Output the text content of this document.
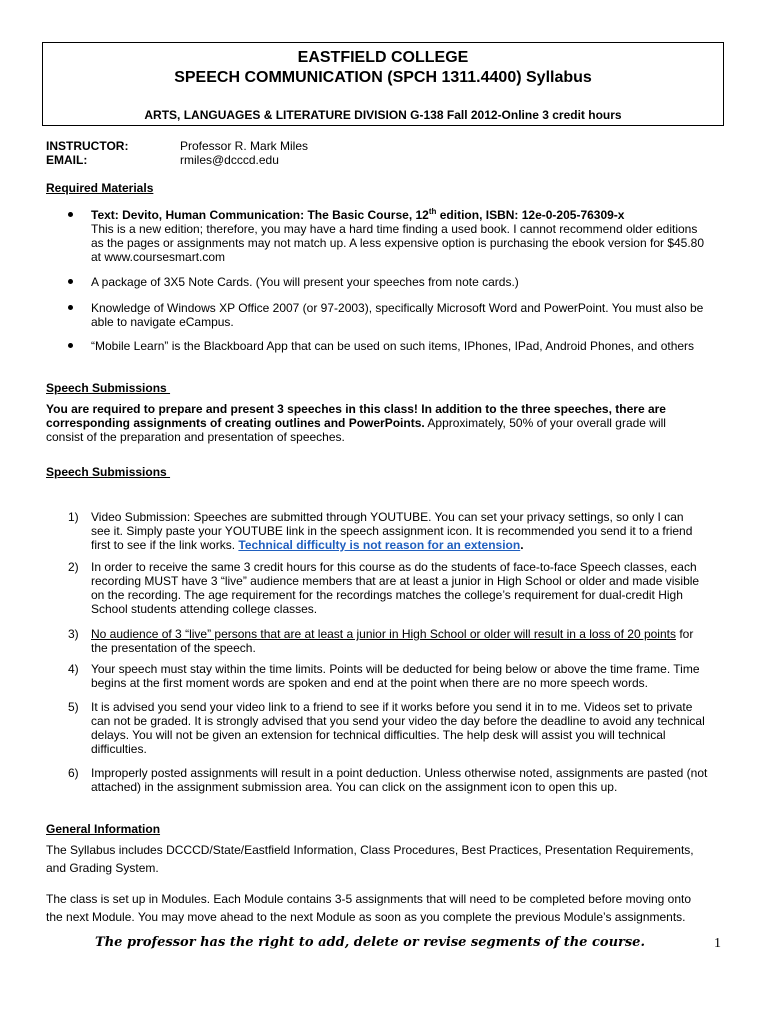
EASTFIELD COLLEGE
SPEECH COMMUNICATION (SPCH 1311.4400) Syllabus
ARTS, LANGUAGES & LITERATURE DIVISION G-138 Fall 2012-Online 3 credit hours
INSTRUCTOR:	Professor R. Mark Miles
EMAIL:	rmiles@dcccd.edu
Required Materials
Text: Devito, Human Communication: The Basic Course, 12th edition, ISBN: 12e-0-205-76309-x
This is a new edition; therefore, you may have a hard time finding a used book. I cannot recommend older editions
as the pages or assignments may not match up. A less expensive option is purchasing the ebook version for $45.80
at www.coursesmart.com
A package of 3X5 Note Cards. (You will present your speeches from note cards.)
Knowledge of Windows XP Office 2007 (or 97-2003), specifically Microsoft Word and PowerPoint. You must also be
able to navigate eCampus.
“Mobile Learn” is the Blackboard App that can be used on such items, IPhones, IPad, Android Phones, and others
Speech Submissions
You are required to prepare and present 3 speeches in this class! In addition to the three speeches, there are
corresponding assignments of creating outlines and PowerPoints. Approximately, 50% of your overall grade will
consist of the preparation and presentation of speeches.
Speech Submissions
1) Video Submission: Speeches are submitted through YOUTUBE. You can set your privacy settings, so only I can
see it. Simply paste your YOUTUBE link in the speech assignment icon. It is recommended you send it to a friend
first to see if the link works. Technical difficulty is not reason for an extension.
2) In order to receive the same 3 credit hours for this course as do the students of face-to-face Speech classes, each
recording MUST have 3 “live” audience members that are at least a junior in High School or older and made visible
on the recording. The age requirement for the recordings matches the college’s requirement for dual-credit High
School students attending college classes.
3) No audience of 3 “live” persons that are at least a junior in High School or older will result in a loss of 20 points for
the presentation of the speech.
4) Your speech must stay within the time limits. Points will be deducted for being below or above the time frame. Time
begins at the first moment words are spoken and end at the point when there are no more speech words.
5) It is advised you send your video link to a friend to see if it works before you send it in to me. Videos set to private
can not be graded. It is strongly advised that you send your video the day before the deadline to avoid any technical
delays. You will not be given an extension for technical difficulties. The help desk will assist you will technical
difficulties.
6) Improperly posted assignments will result in a point deduction. Unless otherwise noted, assignments are pasted (not
attached) in the assignment submission area. You can click on the assignment icon to open this up.
General Information
The Syllabus includes DCCCD/State/Eastfield Information, Class Procedures, Best Practices, Presentation Requirements,
and Grading System.
The class is set up in Modules. Each Module contains 3-5 assignments that will need to be completed before moving onto
the next Module. You may move ahead to the next Module as soon as you complete the previous Module’s assignments.
The professor has the right to add, delete or revise segments of the course.	1
